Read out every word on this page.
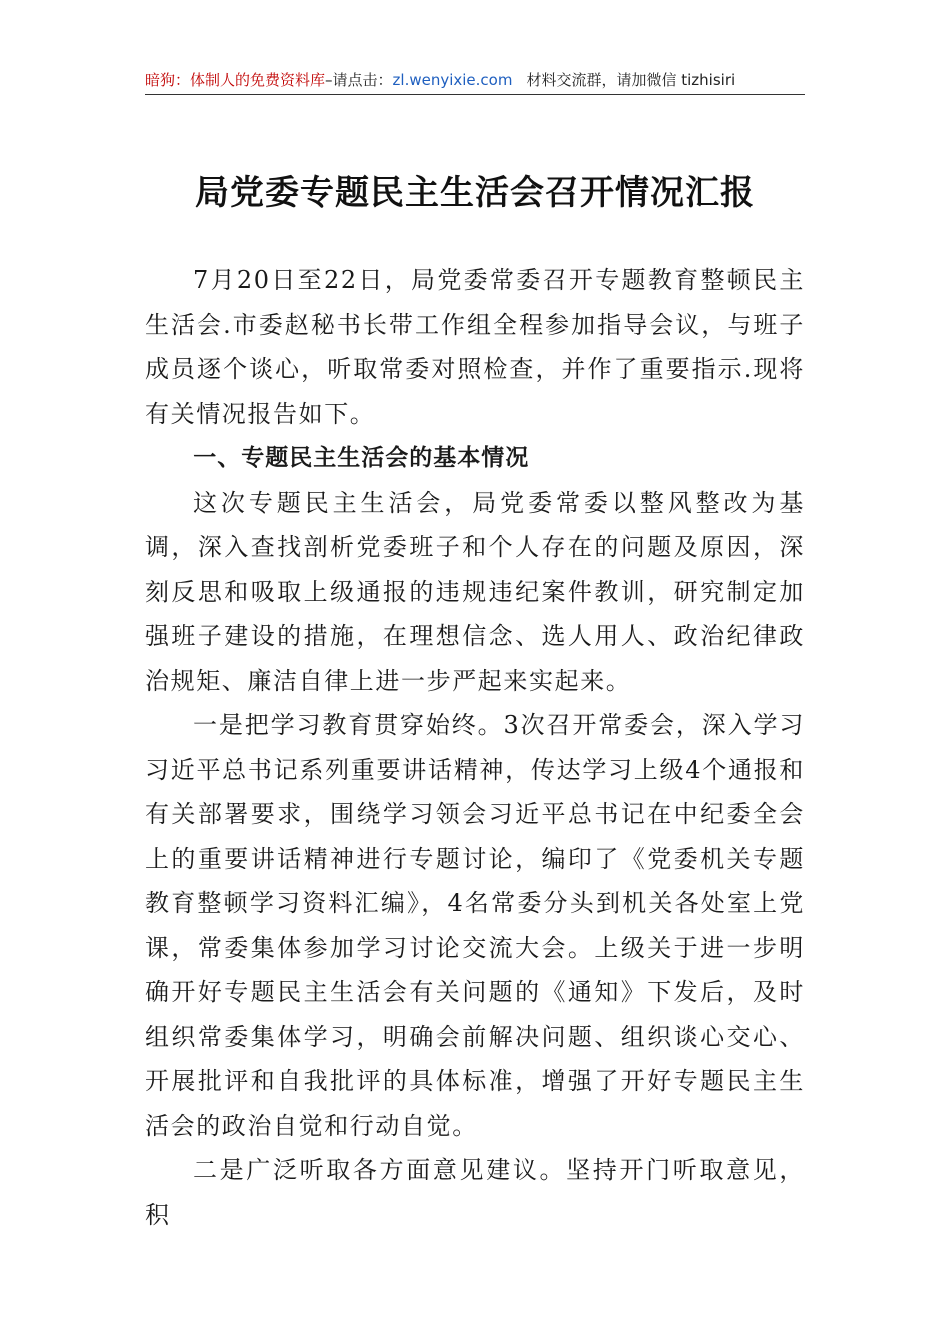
暗狗：体制人的免费资料库–请点击：zl.wenyixie.com 材料交流群，请加微信 tizhisiri
局党委专题民主生活会召开情况汇报

7月20日至22日，局党委常委召开专题教育整顿民主生活会.市委赵秘书长带工作组全程参加指导会议，与班子成员逐个谈心，听取常委对照检查，并作了重要指示.现将有关情况报告如下。

一、专题民主生活会的基本情况

这次专题民主生活会，局党委常委以整风整改为基调，深入查找剖析党委班子和个人存在的问题及原因，深刻反思和吸取上级通报的违规违纪案件教训，研究制定加强班子建设的措施，在理想信念、选人用人、政治纪律政治规矩、廉洁自律上进一步严起来实起来。

一是把学习教育贯穿始终。3次召开常委会，深入学习习近平总书记系列重要讲话精神，传达学习上级4个通报和有关部署要求，围绕学习领会习近平总书记在中纪委全会上的重要讲话精神进行专题讨论，编印了《党委机关专题教育整顿学习资料汇编》，4名常委分头到机关各处室上党课，常委集体参加学习讨论交流大会。上级关于进一步明确开好专题民主生活会有关问题的《通知》下发后，及时组织常委集体学习，明确会前解决问题、组织谈心交心、开展批评和自我批评的具体标准，增强了开好专题民主生活会的政治自觉和行动自觉。

二是广泛听取各方面意见建议。坚持开门听取意见，积
